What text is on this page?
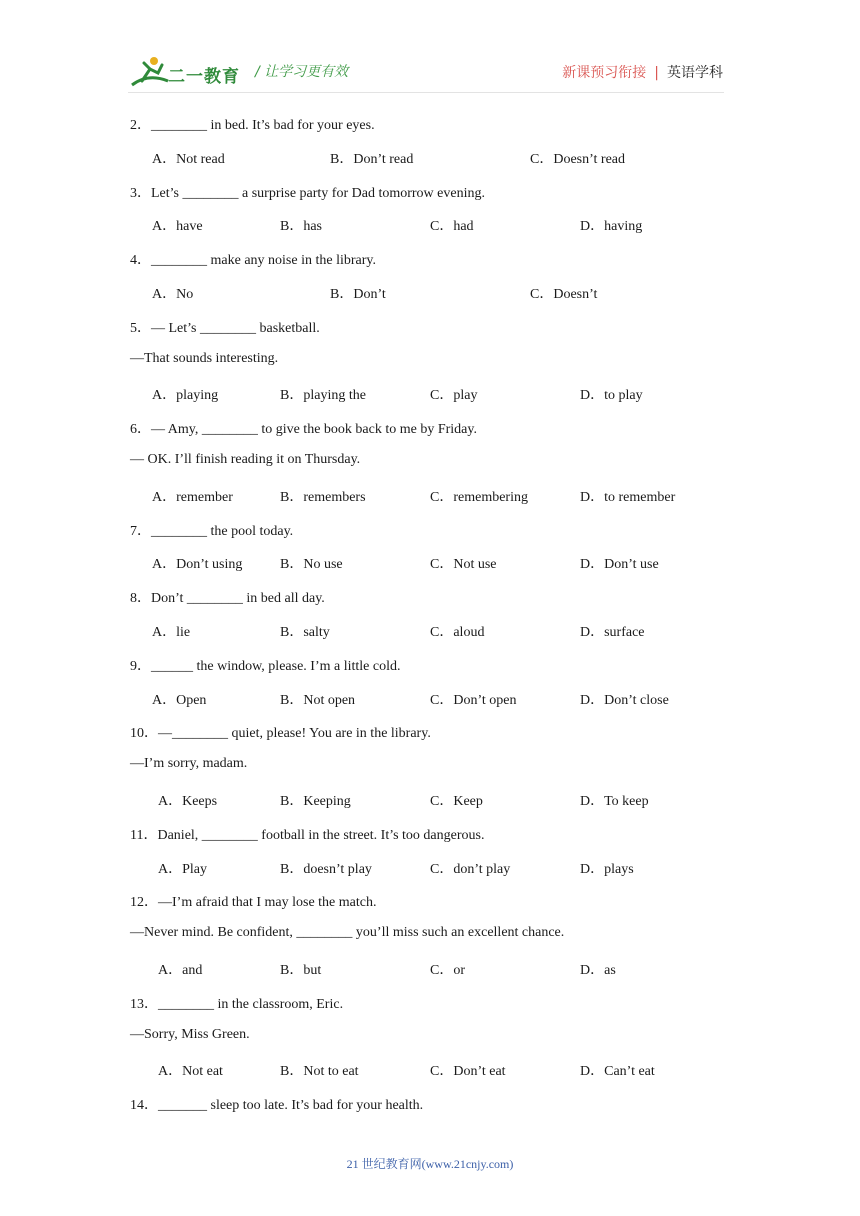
二一教育 / 让学习更有效	新课预习衔接 | 英语学科
2．________ in bed. It’s bad for your eyes.
A．Not read	B．Don’t read	C．Doesn’t read
3．Let’s ________ a surprise party for Dad tomorrow evening.
A．have	B．has	C．had	D．having
4．________ make any noise in the library.
A．No	B．Don’t	C．Doesn’t
5．— Let’s ________ basketball.
—That sounds interesting.
A．playing	B．playing the	C．play	D．to play
6．— Amy, ________ to give the book back to me by Friday.
— OK. I’ll finish reading it on Thursday.
A．remember	B．remembers	C．remembering	D．to remember
7．________ the pool today.
A．Don’t using	B．No use	C．Not use	D．Don’t use
8．Don’t ________ in bed all day.
A．lie	B．salty	C．aloud	D．surface
9．______ the window, please. I’m a little cold.
A．Open	B．Not open	C．Don’t open	D．Don’t close
10．—________ quiet, please! You are in the library.
—I’m sorry, madam.
A．Keeps	B．Keeping	C．Keep	D．To keep
11．Daniel, ________ football in the street. It’s too dangerous.
A．Play	B．doesn’t play	C．don’t play	D．plays
12．—I’m afraid that I may lose the match.
—Never mind. Be confident, ________ you’ll miss such an excellent chance.
A．and	B．but	C．or	D．as
13．________ in the classroom, Eric.
—Sorry, Miss Green.
A．Not eat	B．Not to eat	C．Don’t eat	D．Can’t eat
14．_______ sleep too late. It’s bad for your health.
21 世纪教育网(www.21cnjy.com)
